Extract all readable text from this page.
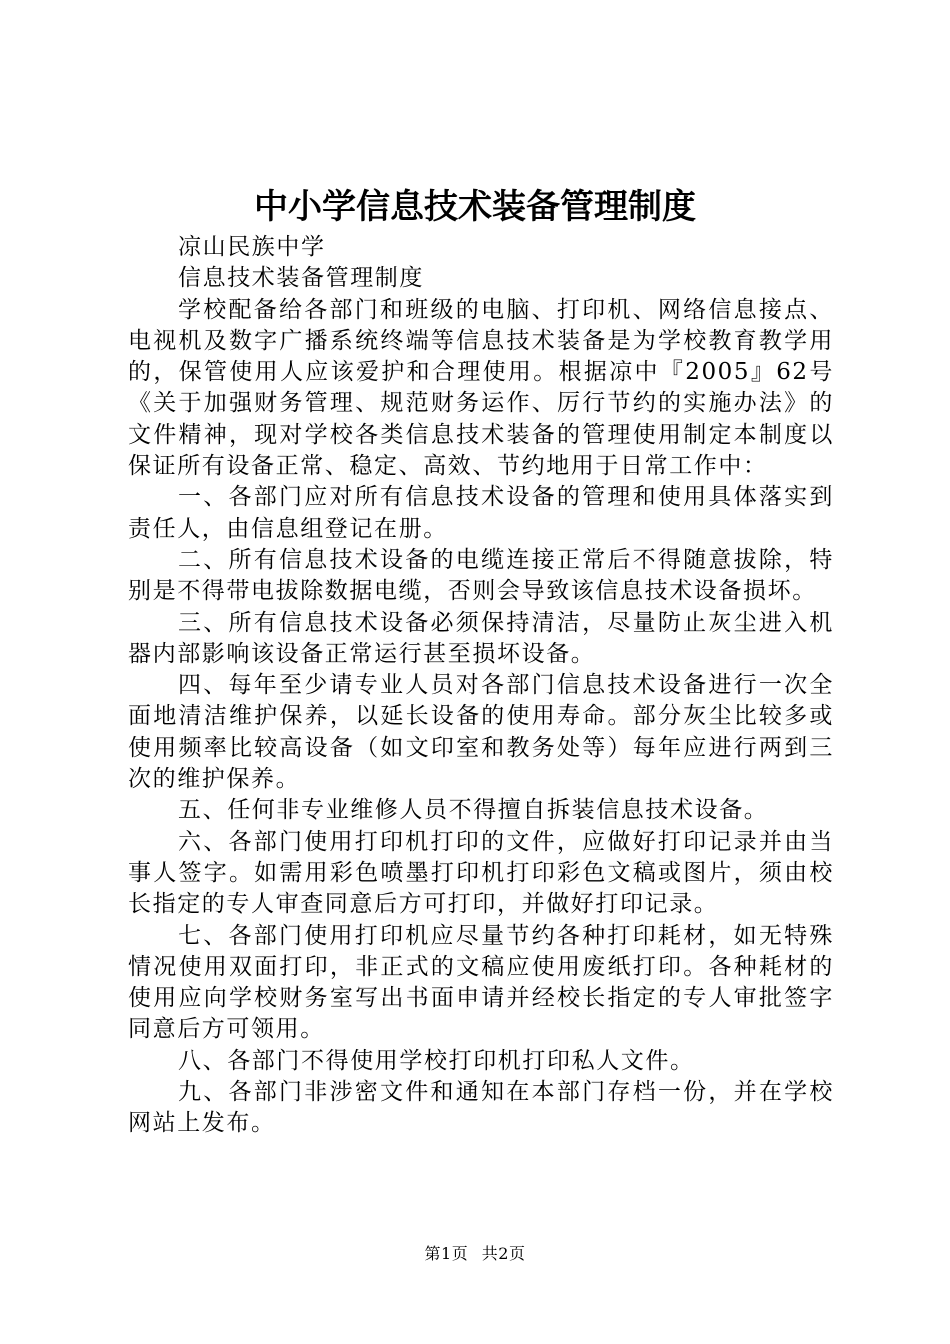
中小学信息技术装备管理制度

凉山民族中学

信息技术装备管理制度

学校配备给各部门和班级的电脑、打印机、网络信息接点、电视机及数字广播系统终端等信息技术装备是为学校教育教学用的，保管使用人应该爱护和合理使用。根据凉中『2005』62号《关于加强财务管理、规范财务运作、厉行节约的实施办法》的文件精神，现对学校各类信息技术装备的管理使用制定本制度以保证所有设备正常、稳定、高效、节约地用于日常工作中：

一、各部门应对所有信息技术设备的管理和使用具体落实到责任人，由信息组登记在册。

二、所有信息技术设备的电缆连接正常后不得随意拔除，特别是不得带电拔除数据电缆，否则会导致该信息技术设备损坏。

三、所有信息技术设备必须保持清洁，尽量防止灰尘进入机器内部影响该设备正常运行甚至损坏设备。

四、每年至少请专业人员对各部门信息技术设备进行一次全面地清洁维护保养，以延长设备的使用寿命。部分灰尘比较多或使用频率比较高设备（如文印室和教务处等）每年应进行两到三次的维护保养。

五、任何非专业维修人员不得擅自拆装信息技术设备。

六、各部门使用打印机打印的文件，应做好打印记录并由当事人签字。如需用彩色喷墨打印机打印彩色文稿或图片，须由校长指定的专人审查同意后方可打印，并做好打印记录。

七、各部门使用打印机应尽量节约各种打印耗材，如无特殊情况使用双面打印，非正式的文稿应使用废纸打印。各种耗材的使用应向学校财务室写出书面申请并经校长指定的专人审批签字同意后方可领用。

八、各部门不得使用学校打印机打印私人文件。

九、各部门非涉密文件和通知在本部门存档一份，并在学校网站上发布。

第1页 共2页
